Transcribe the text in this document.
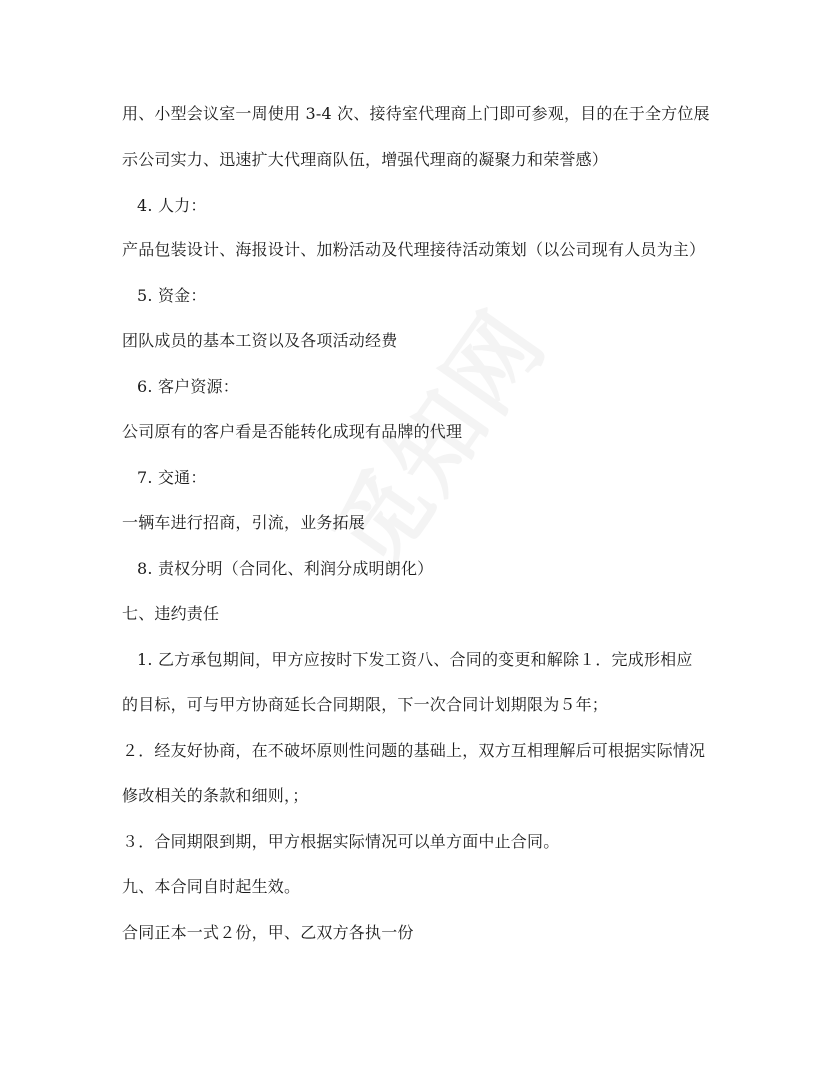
用、小型会议室一周使用 3-4 次、接待室代理商上门即可参观，目的在于全方位展
示公司实力、迅速扩大代理商队伍，增强代理商的凝聚力和荣誉感）
4. 人力：
产品包装设计、海报设计、加粉活动及代理接待活动策划（以公司现有人员为主）
5. 资金：
团队成员的基本工资以及各项活动经费
6. 客户资源：
公司原有的客户看是否能转化成现有品牌的代理
7. 交通：
一辆车进行招商，引流，业务拓展
8. 责权分明（合同化、利润分成明朗化）
七、违约责任
1. 乙方承包期间，甲方应按时下发工资八、合同的变更和解除１．完成形相应
的目标，可与甲方协商延长合同期限，下一次合同计划期限为５年；
２．经友好协商，在不破坏原则性问题的基础上，双方互相理解后可根据实际情况
修改相关的条款和细则，；
３．合同期限到期，甲方根据实际情况可以单方面中止合同。
九、本合同自时起生效。
合同正本一式２份，甲、乙双方各执一份
